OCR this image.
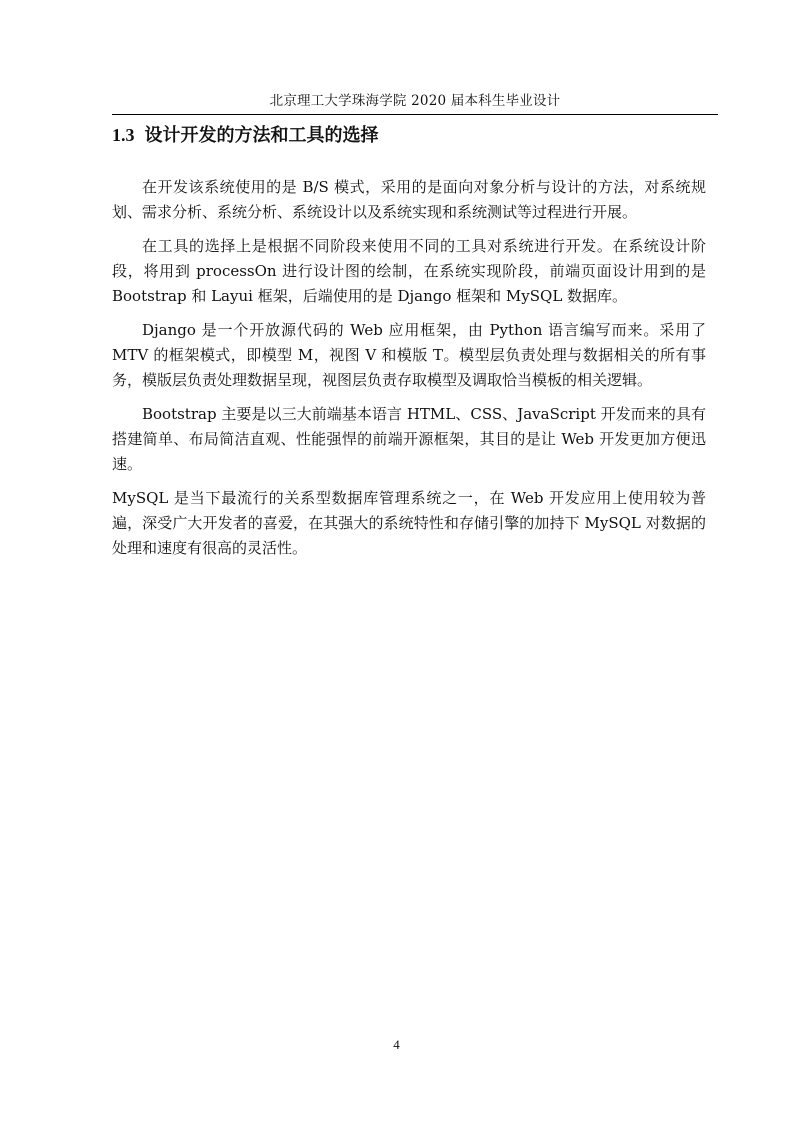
北京理工大学珠海学院 2020 届本科生毕业设计
1.3 设计开发的方法和工具的选择

在开发该系统使用的是 B/S 模式，采用的是面向对象分析与设计的方法，对系统规划、需求分析、系统分析、系统设计以及系统实现和系统测试等过程进行开展。

在工具的选择上是根据不同阶段来使用不同的工具对系统进行开发。在系统设计阶段，将用到 processOn 进行设计图的绘制，在系统实现阶段，前端页面设计用到的是 Bootstrap 和 Layui 框架，后端使用的是 Django 框架和 MySQL 数据库。

Django 是一个开放源代码的 Web 应用框架，由 Python 语言编写而来。采用了 MTV 的框架模式，即模型 M，视图 V 和模版 T。模型层负责处理与数据相关的所有事务，模版层负责处理数据呈现，视图层负责存取模型及调取恰当模板的相关逻辑。

Bootstrap 主要是以三大前端基本语言 HTML、CSS、JavaScript 开发而来的具有搭建简单、布局简洁直观、性能强悍的前端开源框架，其目的是让 Web 开发更加方便迅速。

MySQL 是当下最流行的关系型数据库管理系统之一，在 Web 开发应用上使用较为普遍，深受广大开发者的喜爱，在其强大的系统特性和存储引擎的加持下 MySQL 对数据的处理和速度有很高的灵活性。

4
